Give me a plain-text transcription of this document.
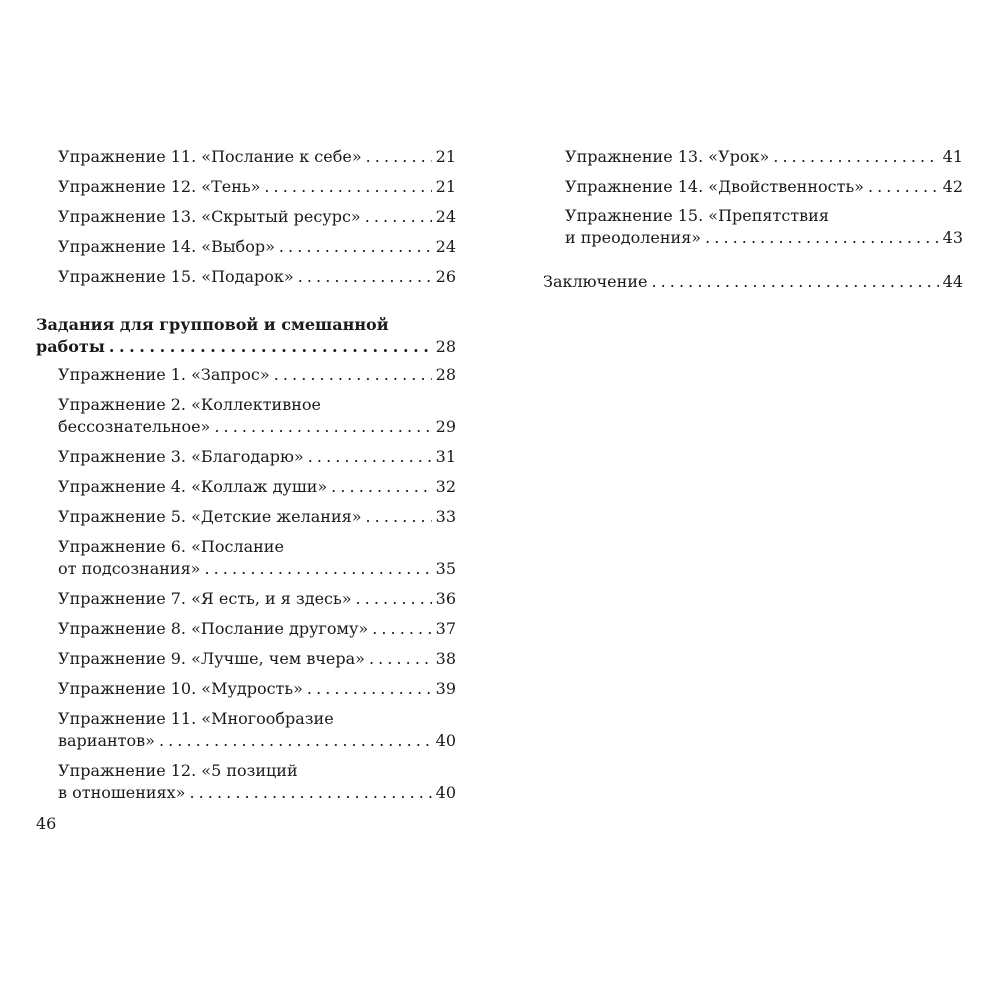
Упражнение 11. «Послание к себе» . . .	21
Упражнение 12. «Тень» . . .	21
Упражнение 13. «Скрытый ресурс» . . .	24
Упражнение 14. «Выбор» . . .	24
Упражнение 15. «Подарок» . . .	26
Задания для групповой и смешанной
работы . . .	28
Упражнение 1. «Запрос» . . .	28
Упражнение 2. «Коллективное
бессознательное» . . .	29
Упражнение 3. «Благодарю» . . .	31
Упражнение 4. «Коллаж души» . . .	32
Упражнение 5. «Детские желания» . . .	33
Упражнение 6. «Послание
от подсознания» . . .	35
Упражнение 7. «Я есть, и я здесь» . . .	36
Упражнение 8. «Послание другому» . . .	37
Упражнение 9. «Лучше, чем вчера» . . .	38
Упражнение 10. «Мудрость» . . .	39
Упражнение 11. «Многообразие
вариантов» . . .	40
Упражнение 12. «5 позиций
в отношениях» . . .	40
Упражнение 13. «Урок» . . .	41
Упражнение 14. «Двойственность» . . .	42
Упражнение 15. «Препятствия
и преодоления» . . .	43
Заключение . . .	44
46
